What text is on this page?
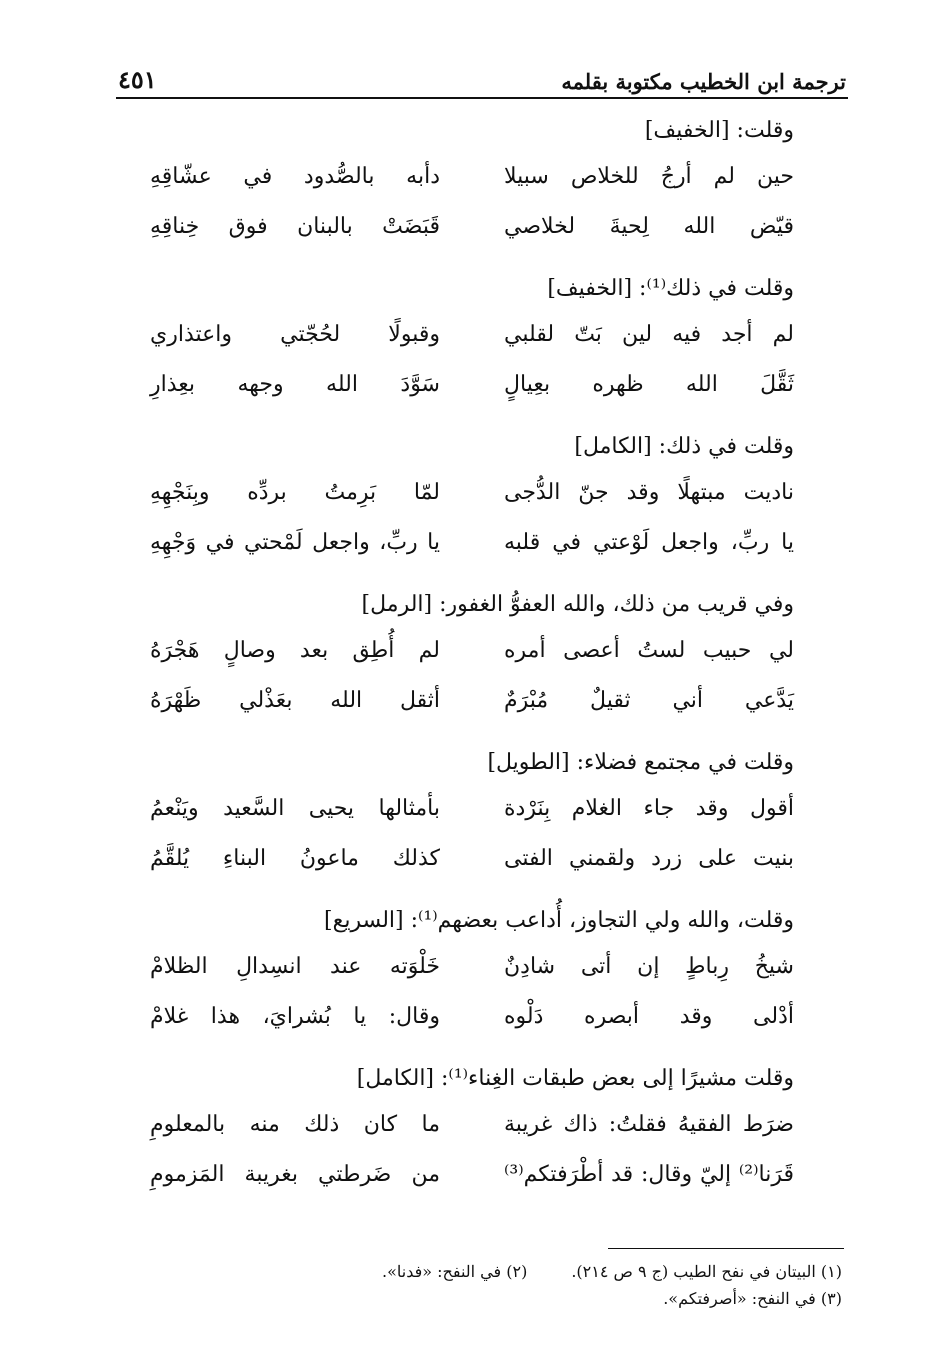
ترجمة ابن الخطيب مكتوبة بقلمه
٤٥١
وقلت: [الخفيف]
حين لم أرجُ للخلاص سبيلا
دأبه بالصُّدود في عشّاقِهِ
قيّض الله لِحيةَ لخلاصي
قَبَضَتْ بالبنان فوق خِناقِهِ
وقلت في ذلك⁽¹⁾: [الخفيف]
لم أجد فيه لين بَتّ لقلبي
وقبولًا لحُجّتي واعتذاري
ثَقَّلَ الله ظهره بعِيالٍ
سَوَّدَ الله وجهه بعِذارِ
وقلت في ذلك: [الكامل]
ناديت مبتهلًا وقد جنّ الدُّجى
لمّا بَرِمتُ بردِّه وبِنَجْهِهِ
يا ربِّ، واجعل لَوْعتي في قلبه
يا ربِّ، واجعل لَمْحتي في وَجْهِهِ
وفي قريب من ذلك، والله العفوُّ الغفور: [الرمل]
لي حبيب لستُ أعصى أمره
لم أُطِق بعد وصالٍ هَجْرَهُ
يَدَّعي أني ثقيلٌ مُبْرَمٌ
أثقل الله بعَذْلي ظَهْرَهُ
وقلت في مجتمع فضلاء: [الطويل]
أقول وقد جاء الغلام بِنَرْدة
بأمثالها يحيى السَّعيد ويَنْعمُ
بنيت على زرد ولقمني الفتى
كذلك ماعونُ البناءِ يُلقَّمُ
وقلت، والله ولي التجاوز، أُداعب بعضهم⁽¹⁾: [السريع]
شيخُ رِباطٍ إن أتى شادِنٌ
خَلْوَته عند انسِدالِ الظلامْ
أدْلى وقد أبصره دَلْوه
وقال: يا بُشرايَ، هذا غلامْ
وقلت مشيرًا إلى بعض طبقات الغِناء⁽¹⁾: [الكامل]
ضرَط الفقيهُ فقلتُ: ذاك غريبة
ما كان ذلك منه بالمعلومِ
قَرَنا⁽²⁾ إليّ وقال: قد أطْرَفتكم⁽³⁾
من ضَرطتي بغريبة المَزمومِ
(١) البيتان في نفح الطيب (ج ٩ ص ٢١٤).
(٢) في النفح: «فدنا».
(٣) في النفح: «أصرفتكم».
